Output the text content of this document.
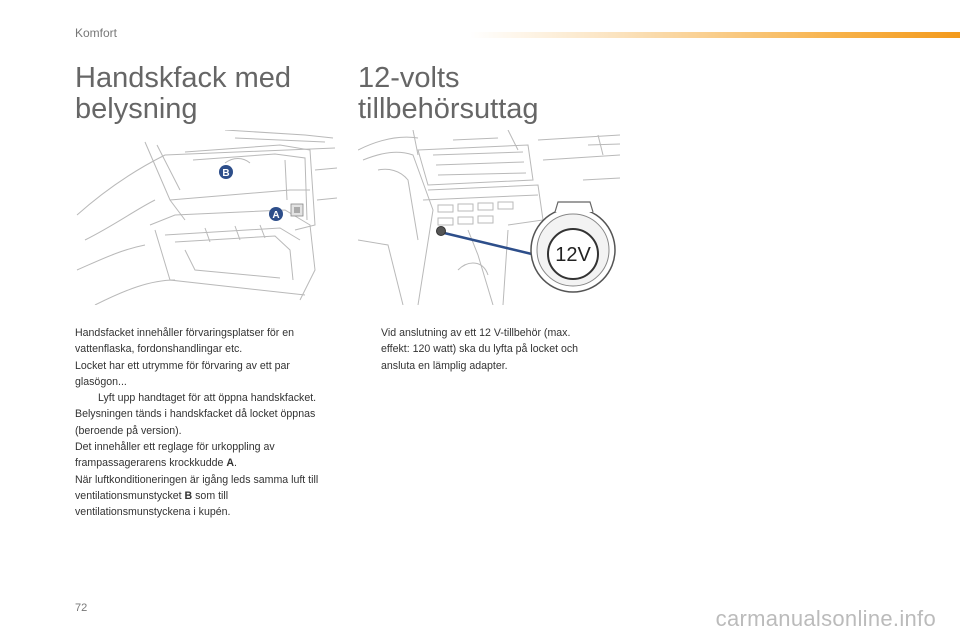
Komfort
Handskfack med
belysning
12-volts
tillbehörsuttag
B
A
12V

Handsfacket innehåller förvaringsplatser för en vattenflaska, fordonshandlingar etc.

Locket har ett utrymme för förvaring av ett par glasögon...

Lyft upp handtaget för att öppna handskfacket.

Belysningen tänds i handskfacket då locket öppnas (beroende på version).

Det innehåller ett reglage för urkoppling av frampassagerarens krockkudde A.

När luftkonditioneringen är igång leds samma luft till ventilationsmunstycket B som till ventilationsmunstyckena i kupén.

Vid anslutning av ett 12 V-tillbehör (max. effekt: 120 watt) ska du lyfta på locket och ansluta en lämplig adapter.
72	carmanualsonline.info
